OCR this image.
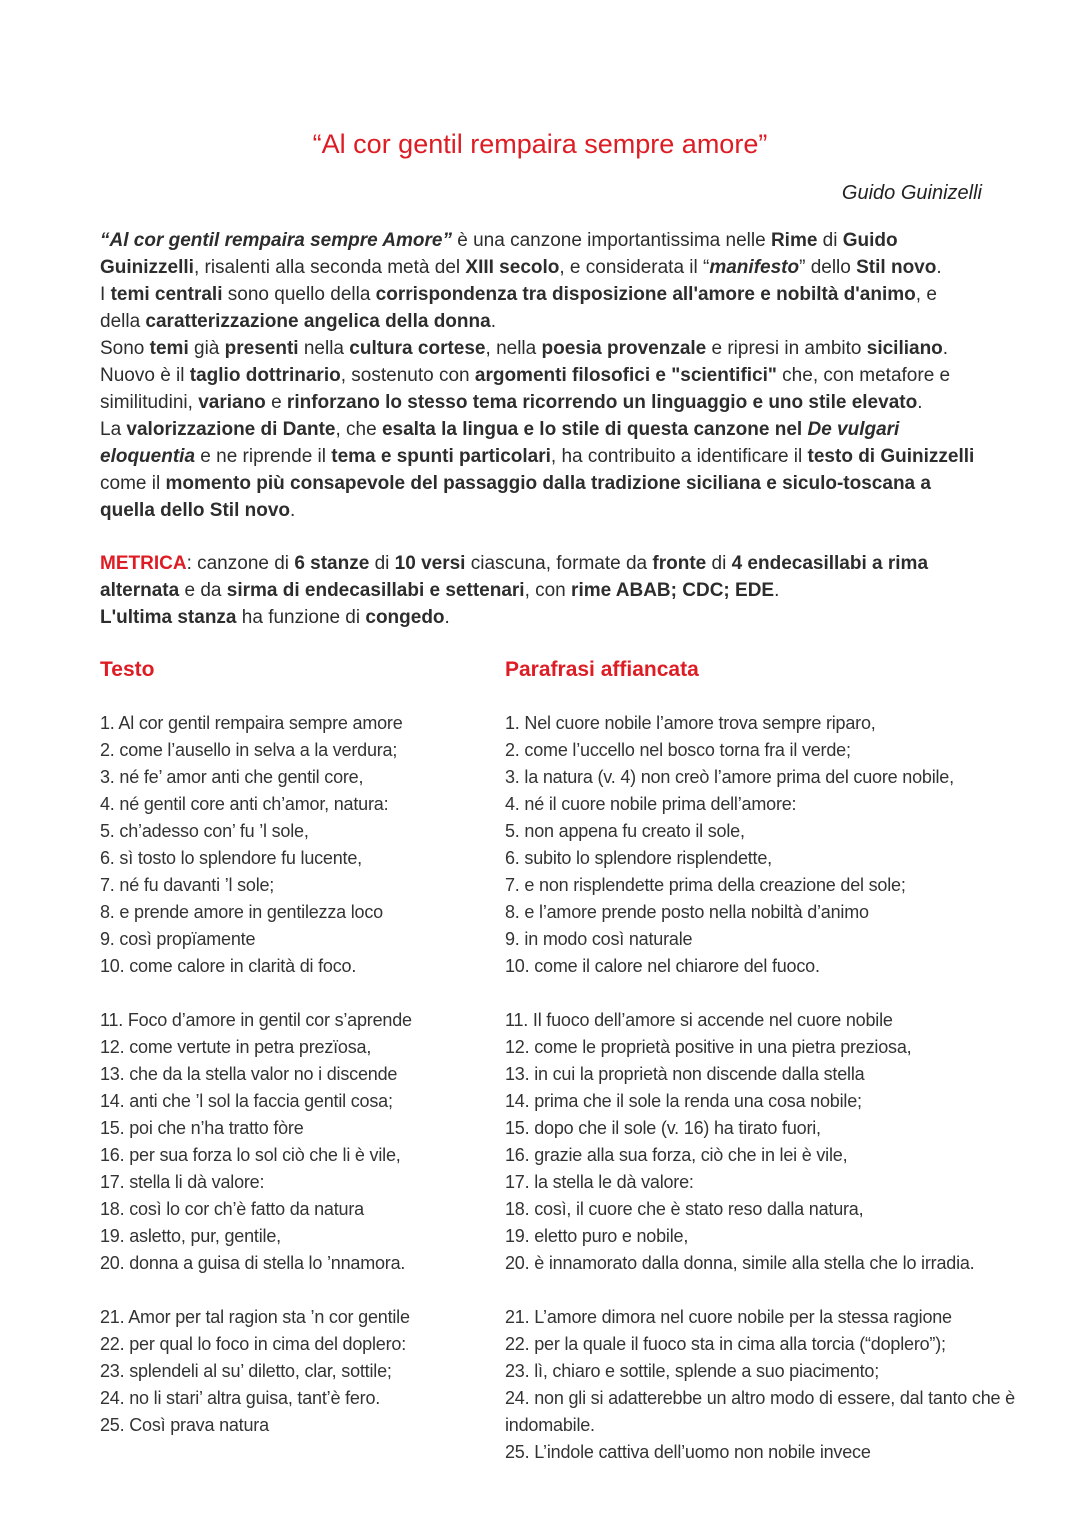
“Al cor gentil rempaira sempre amore”
Guido Guinizelli

“Al cor gentil rempaira sempre Amore” è una canzone importantissima nelle Rime di Guido Guinizzelli, risalenti alla seconda metà del XIII secolo, e considerata il “manifesto” dello Stil novo.

I temi centrali sono quello della corrispondenza tra disposizione all'amore e nobiltà d'animo, e della caratterizzazione angelica della donna.

Sono temi già presenti nella cultura cortese, nella poesia provenzale e ripresi in ambito siciliano.

Nuovo è il taglio dottrinario, sostenuto con argomenti filosofici e "scientifici" che, con metafore e similitudini, variano e rinforzano lo stesso tema ricorrendo un linguaggio e uno stile elevato.

La valorizzazione di Dante, che esalta la lingua e lo stile di questa canzone nel De vulgari eloquentia e ne riprende il tema e spunti particolari, ha contribuito a identificare il testo di Guinizzelli come il momento più consapevole del passaggio dalla tradizione siciliana e siculo-toscana a quella dello Stil novo.

METRICA: canzone di 6 stanze di 10 versi ciascuna, formate da fronte di 4 endecasillabi a rima alternata e da sirma di endecasillabi e settenari, con rime ABAB; CDC; EDE.

L'ultima stanza ha funzione di congedo.

Testo
1. Al cor gentil rempaira sempre amore
2. come l’ausello in selva a la verdura;
3. né fe’ amor anti che gentil core,
4. né gentil core anti ch’amor, natura:
5. ch’adesso con’ fu ’l sole,
6. sì tosto lo splendore fu lucente,
7. né fu davanti ’l sole;
8. e prende amore in gentilezza loco
9. così propïamente
10. come calore in clarità di foco.
11. Foco d’amore in gentil cor s’aprende
12. come vertute in petra prezïosa,
13. che da la stella valor no i discende
14. anti che ’l sol la faccia gentil cosa;
15. poi che n’ha tratto fòre
16. per sua forza lo sol ciò che li è vile,
17. stella li dà valore:
18. così lo cor ch’è fatto da natura
19. asletto, pur, gentile,
20. donna a guisa di stella lo ’nnamora.
21. Amor per tal ragion sta ’n cor gentile
22. per qual lo foco in cima del doplero:
23. splendeli al su’ diletto, clar, sottile;
24. no li stari’ altra guisa, tant’è fero.
25. Così prava natura
Parafrasi affiancata
1. Nel cuore nobile l’amore trova sempre riparo,
2. come l’uccello nel bosco torna fra il verde;
3. la natura (v. 4) non creò l’amore prima del cuore nobile,
4. né il cuore nobile prima dell’amore:
5. non appena fu creato il sole,
6. subito lo splendore risplendette,
7. e non risplendette prima della creazione del sole;
8. e l’amore prende posto nella nobiltà d’animo
9. in modo così naturale
10. come il calore nel chiarore del fuoco.
11. Il fuoco dell’amore si accende nel cuore nobile
12. come le proprietà positive in una pietra preziosa,
13. in cui la proprietà non discende dalla stella
14. prima che il sole la renda una cosa nobile;
15. dopo che il sole (v. 16) ha tirato fuori,
16. grazie alla sua forza, ciò che in lei è vile,
17. la stella le dà valore:
18. così, il cuore che è stato reso dalla natura,
19. eletto puro e nobile,
20. è innamorato dalla donna, simile alla stella che lo irradia.
21. L’amore dimora nel cuore nobile per la stessa ragione
22. per la quale il fuoco sta in cima alla torcia (“doplero”);
23. lì, chiaro e sottile, splende a suo piacimento;
24. non gli si adatterebbe un altro modo di essere, dal tanto che è indomabile.
25. L’indole cattiva dell’uomo non nobile invece
